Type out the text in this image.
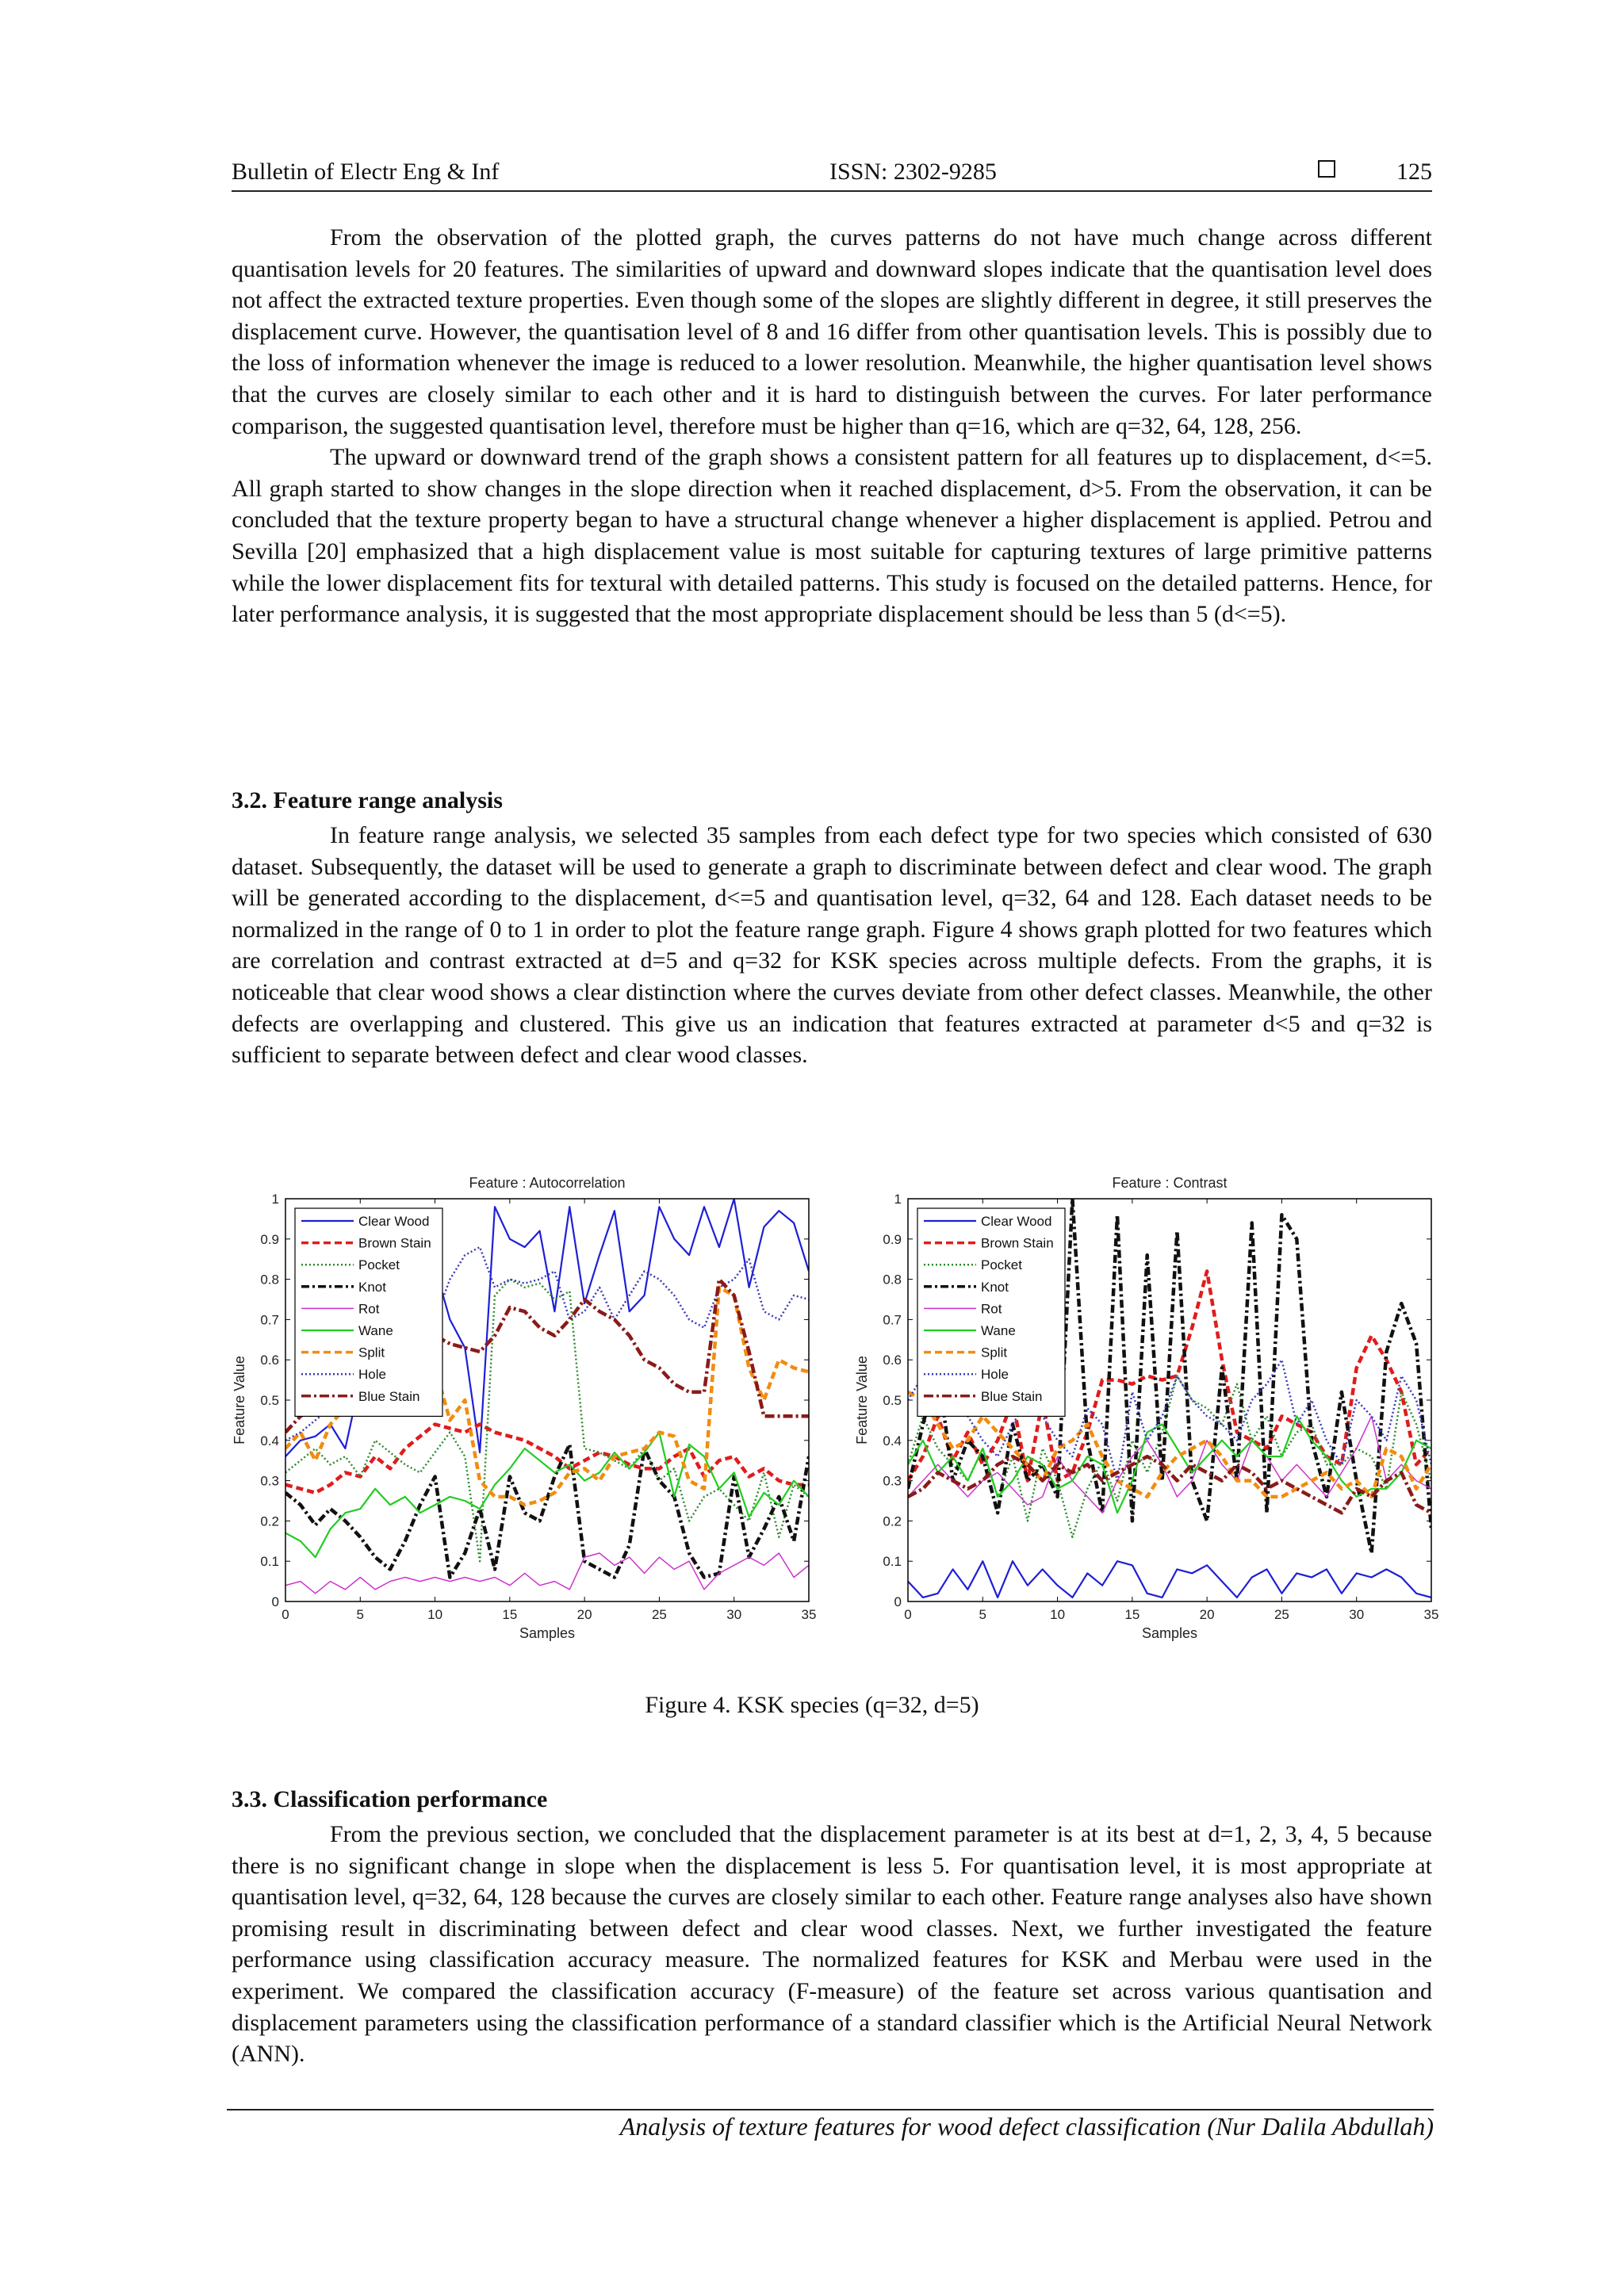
Bulletin of Electr Eng & Inf	ISSN: 2302-9285	125

From the observation of the plotted graph, the curves patterns do not have much change across different quantisation levels for 20 features. The similarities of upward and downward slopes indicate that the quantisation level does not affect the extracted texture properties. Even though some of the slopes are slightly different in degree, it still preserves the displacement curve. However, the quantisation level of 8 and 16 differ from other quantisation levels. This is possibly due to the loss of information whenever the image is reduced to a lower resolution. Meanwhile, the higher quantisation level shows that the curves are closely similar to each other and it is hard to distinguish between the curves. For later performance comparison, the suggested quantisation level, therefore must be higher than q=16, which are q=32, 64, 128, 256.

The upward or downward trend of the graph shows a consistent pattern for all features up to displacement, d<=5. All graph started to show changes in the slope direction when it reached displacement, d>5. From the observation, it can be concluded that the texture property began to have a structural change whenever a higher displacement is applied. Petrou and Sevilla [20] emphasized that a high displacement value is most suitable for capturing textures of large primitive patterns while the lower displacement fits for textural with detailed patterns. This study is focused on the detailed patterns. Hence, for later performance analysis, it is suggested that the most appropriate displacement should be less than 5 (d<=5).

3.2. Feature range analysis

In feature range analysis, we selected 35 samples from each defect type for two species which consisted of 630 dataset. Subsequently, the dataset will be used to generate a graph to discriminate between defect and clear wood. The graph will be generated according to the displacement, d<=5 and quantisation level, q=32, 64 and 128. Each dataset needs to be normalized in the range of 0 to 1 in order to plot the feature range graph. Figure 4 shows graph plotted for two features which are correlation and contrast extracted at d=5 and q=32 for KSK species across multiple defects. From the graphs, it is noticeable that clear wood shows a clear distinction where the curves deviate from other defect classes. Meanwhile, the other defects are overlapping and clustered. This give us an indication that features extracted at parameter d<5 and q=32 is sufficient to separate between defect and clear wood classes.

Feature : Autocorrelation
0	5	10	15	20	25	30	35
0
0.1
0.2
0.3
0.4
0.5
0.6
0.7
0.8
0.9
1
Samples
Feature Value
Clear Wood
Brown Stain
Pocket
Knot
Rot
Wane
Split
Hole
Blue Stain
Feature : Contrast
0	5	10	15	20	25	30	35
0
0.1
0.2
0.3
0.4
0.5
0.6
0.7
0.8
0.9
1
Samples
Feature Value
Clear Wood
Brown Stain
Pocket
Knot
Rot
Wane
Split
Hole
Blue Stain
Figure 4. KSK species (q=32, d=5)
3.3. Classification performance

From the previous section, we concluded that the displacement parameter is at its best at d=1, 2, 3, 4, 5 because there is no significant change in slope when the displacement is less 5. For quantisation level, it is most appropriate at quantisation level, q=32, 64, 128 because the curves are closely similar to each other. Feature range analyses also have shown promising result in discriminating between defect and clear wood classes. Next, we further investigated the feature performance using classification accuracy measure. The normalized features for KSK and Merbau were used in the experiment. We compared the classification accuracy (F-measure) of the feature set across various quantisation and displacement parameters using the classification performance of a standard classifier which is the Artificial Neural Network (ANN).

Analysis of texture features for wood defect classification (Nur Dalila Abdullah)
